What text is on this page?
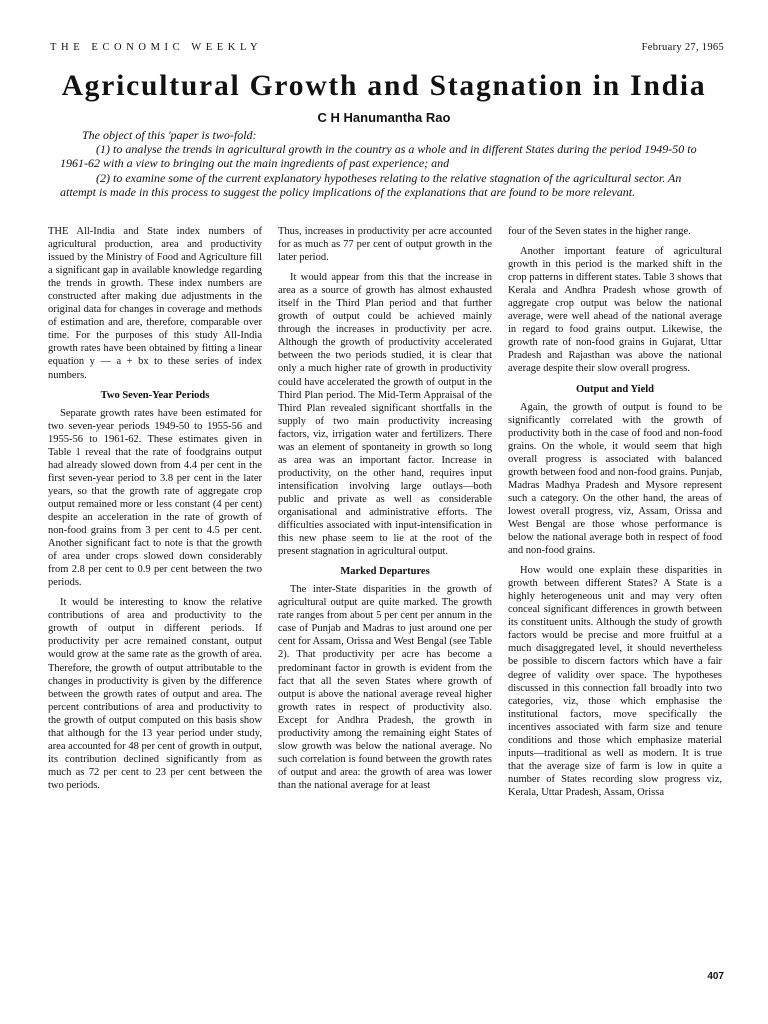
THE ECONOMIC WEEKLY	February 27, 1965
Agricultural Growth and Stagnation in India
C H Hanumantha Rao

The object of this 'paper is two-fold:

(1) to analyse the trends in agricultural growth in the country as a whole and in different States during the period 1949-50 to 1961-62 with a view to bringing out the main ingredients of past experience; and

(2) to examine some of the current explanatory hypotheses relating to the relative stagnation of the agricultural sector. An attempt is made in this process to suggest the policy implications of the explanations that are found to be more relevant.

THE All-India and State index numbers of agricultural production, area and productivity issued by the Ministry of Food and Agriculture fill a significant gap in available knowledge regarding the trends in growth. These index numbers are constructed after making due adjustments in the original data for changes in coverage and methods of estimation and are, therefore, comparable over time. For the purposes of this study All-India growth rates have been obtained by fitting a linear equation y — a + bx to these series of index numbers.

Two Seven-Year Periods

Separate growth rates have been estimated for two seven-year periods 1949-50 to 1955-56 and 1955-56 to 1961-62. These estimates given in Table 1 reveal that the rate of foodgrains output had already slowed down from 4.4 per cent in the first seven-year period to 3.8 per cent in the later years, so that the growth rate of aggregate crop output remained more or less constant (4 per cent) despite an acceleration in the rate of growth of non-food grains from 3 per cent to 4.5 per cent. Another significant fact to note is that the growth of area under crops slowed down considerably from 2.8 per cent to 0.9 per cent between the two periods.

It would be interesting to know the relative contributions of area and productivity to the growth of output in different periods. If productivity per acre remained constant, output would grow at the same rate as the growth of area. Therefore, the growth of output attributable to the changes in productivity is given by the difference between the growth rates of output and area. The percent contributions of area and productivity to the growth of output computed on this basis show that although for the 13 year period under study, area accounted for 48 per cent of growth in output, its contribution declined significantly from as much as 72 per cent to 23 per cent between the two periods.

Thus, increases in productivity per acre accounted for as much as 77 per cent of output growth in the later period.

It would appear from this that the increase in area as a source of growth has almost exhausted itself in the Third Plan period and that further growth of output could be achieved mainly through the increases in productivity per acre. Although the growth of productivity accelerated between the two periods studied, it is clear that only a much higher rate of growth in productivity could have accelerated the growth of output in the Third Plan period. The Mid-Term Appraisal of the Third Plan revealed significant shortfalls in the supply of two main productivity increasing factors, viz, irrigation water and fertilizers. There was an element of spontaneity in growth so long as area was an important factor. Increase in productivity, on the other hand, requires input intensification involving large outlays—both public and private as well as considerable organisational and administrative efforts. The difficulties associated with input-intensification in this new phase seem to lie at the root of the present stagnation in agricultural output.

Marked Departures

The inter-State disparities in the growth of agricultural output are quite marked. The growth rate ranges from about 5 per cent per annum in the case of Punjab and Madras to just around one per cent for Assam, Orissa and West Bengal (see Table 2). That productivity per acre has become a predominant factor in growth is evident from the fact that all the seven States where growth of output is above the national average reveal higher growth rates in respect of productivity also. Except for Andhra Pradesh, the growth in productivity among the remaining eight States of slow growth was below the national average. No such correlation is found between the growth rates of output and area: the growth of area was lower than the national average for at least

four of the Seven states in the higher range.

Another important feature of agricultural growth in this period is the marked shift in the crop patterns in different states. Table 3 shows that Kerala and Andhra Pradesh whose growth of aggregate crop output was below the national average, were well ahead of the national average in regard to food grains output. Likewise, the growth rate of non-food grains in Gujarat, Uttar Pradesh and Rajasthan was above the national average despite their slow overall progress.

Output and Yield

Again, the growth of output is found to be significantly correlated with the growth of productivity both in the case of food and non-food grains. On the whole, it would seem that high overall progress is associated with balanced growth between food and non-food grains. Punjab, Madras Madhya Pradesh and Mysore represent such a category. On the other hand, the areas of lowest overall progress, viz, Assam, Orissa and West Bengal are those whose performance is below the national average both in respect of food and non-food grains.

How would one explain these disparities in growth between different States? A State is a highly heterogeneous unit and may very often conceal significant differences in growth between its constituent units. Although the study of growth factors would be precise and more fruitful at a much disaggregated level, it should nevertheless be possible to discern factors which have a fair degree of validity over space. The hypotheses discussed in this connection fall broadly into two categories, viz, those which emphasise the institutional factors, move specifically the incentives associated with farm size and tenure conditions and those which emphasize material inputs—traditional as well as modern. It is true that the average size of farm is low in quite a number of States recording slow progress viz, Kerala, Uttar Pradesh, Assam, Orissa

407
